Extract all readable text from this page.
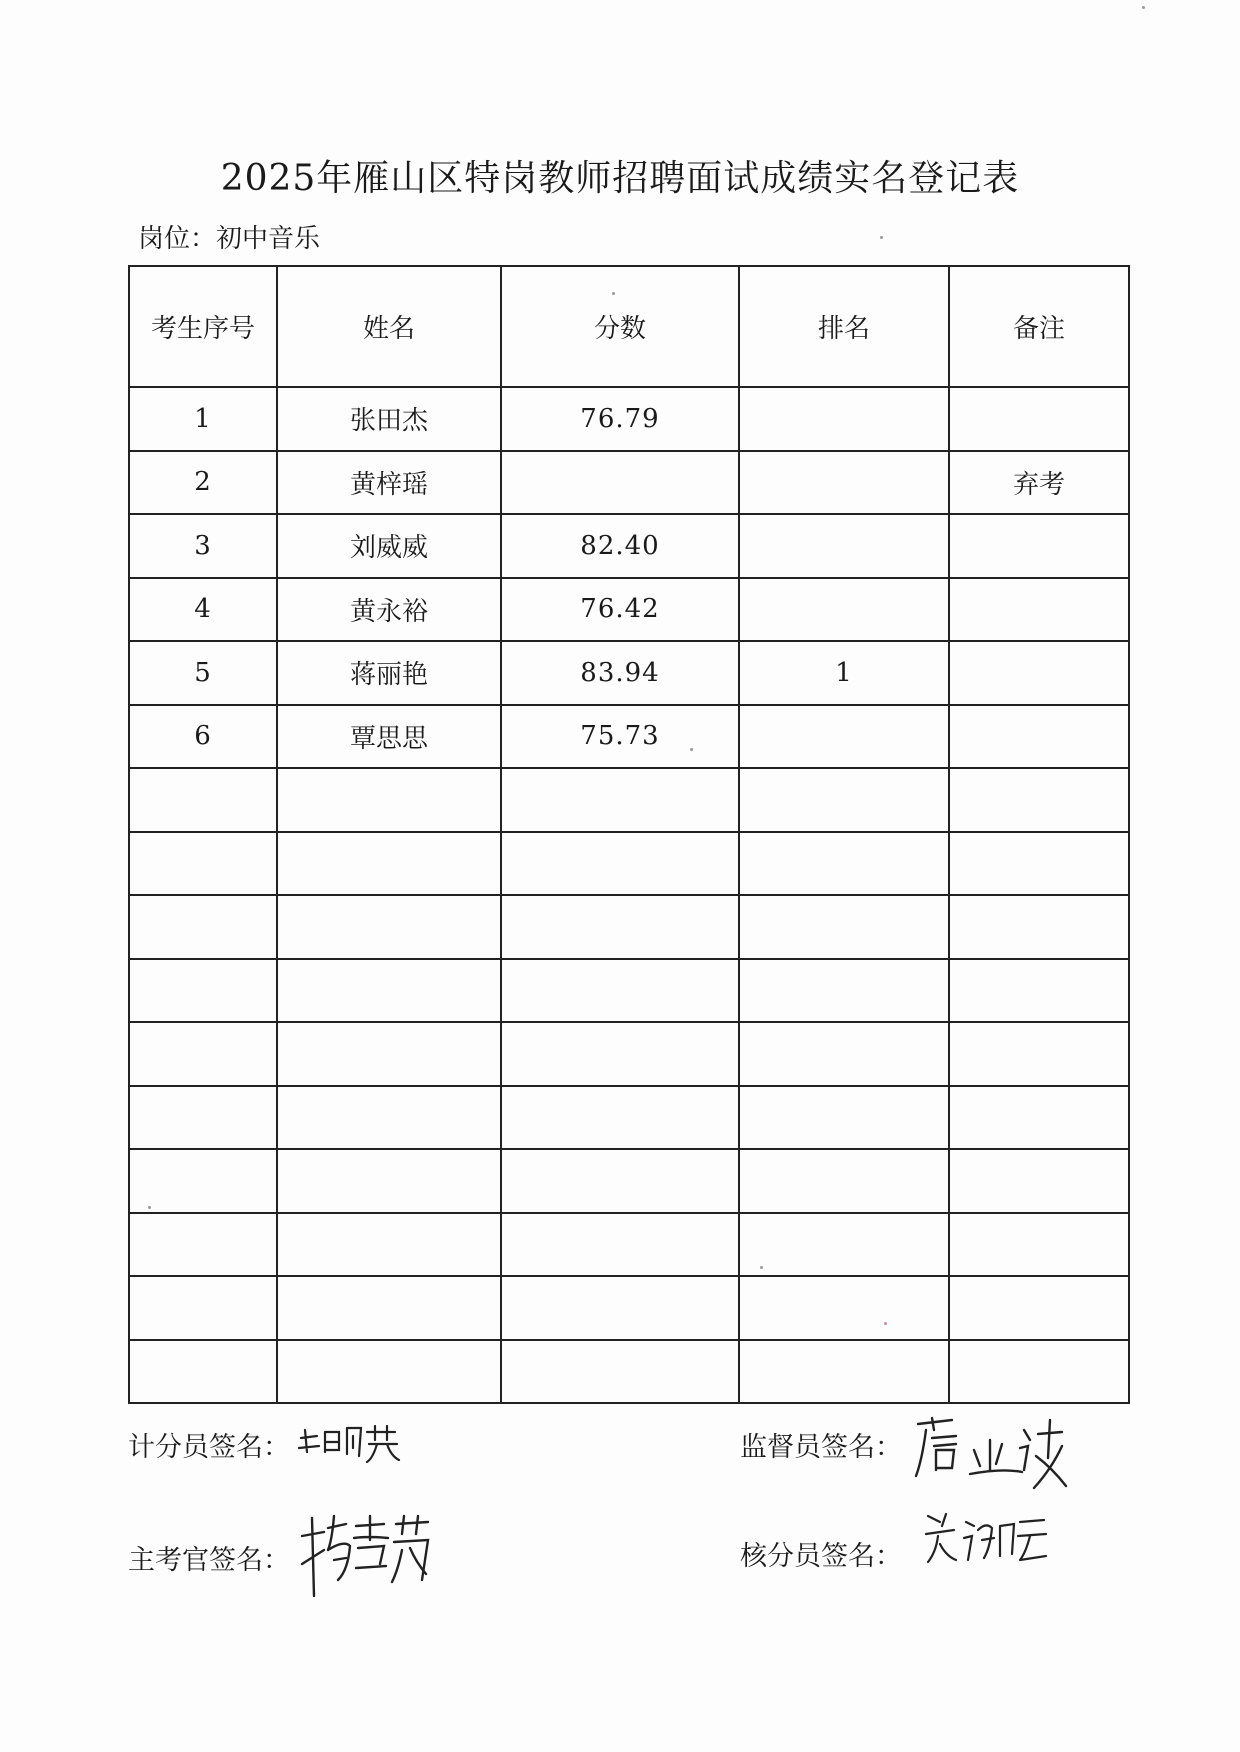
2025年雁山区特岗教师招聘面试成绩实名登记表
岗位：初中音乐
考生序号	姓名	分数	排名	备注
1	张田杰	76.79		
2	黄梓瑶			弃考
3	刘威威	82.40		
4	黄永裕	76.42		
5	蒋丽艳	83.94	1	
6	覃思思	75.73		

计分员签名：	监督员签名：
主考官签名：	核分员签名：
